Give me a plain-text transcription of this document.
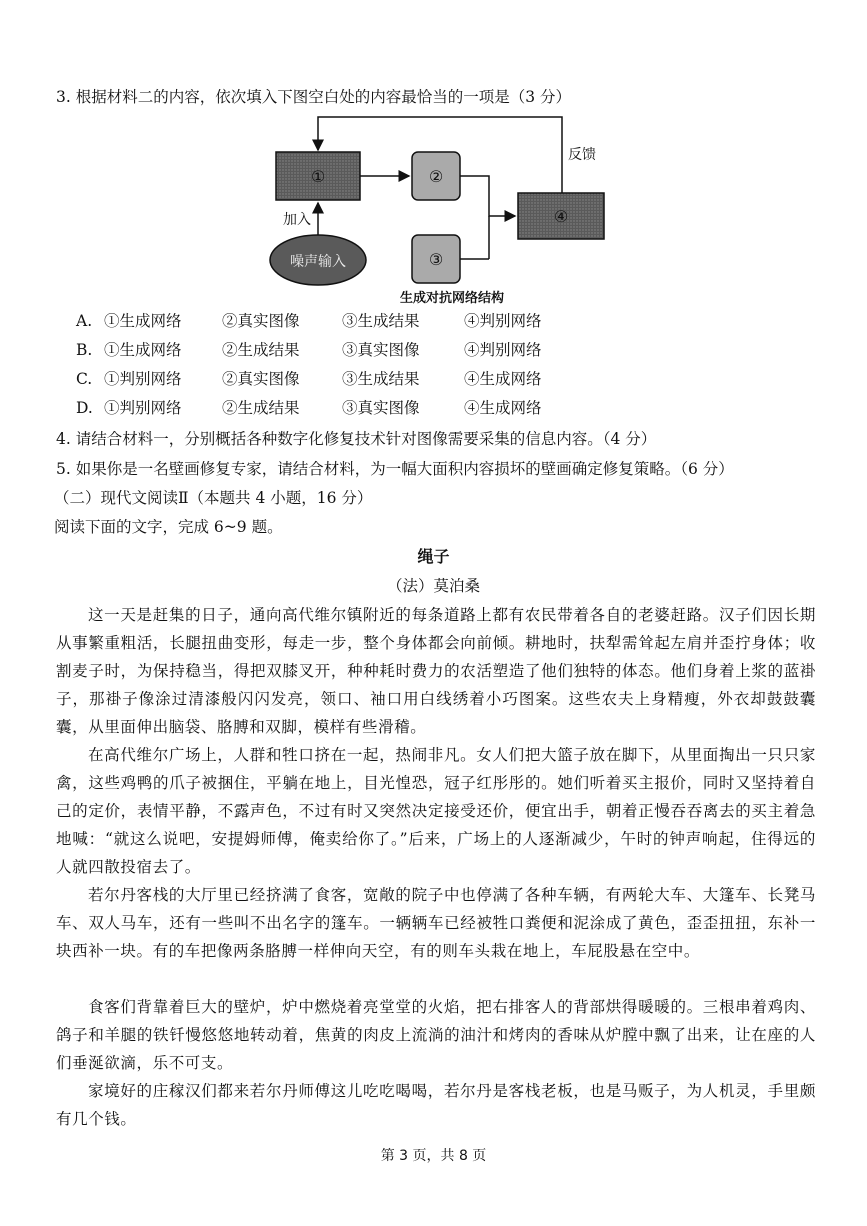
3. 根据材料二的内容，依次填入下图空白处的内容最恰当的一项是（3 分）
①	②
③
④
噪声输入
加入
反馈
生成对抗网络结构
A. ①生成网络	②真实图像	③生成结果	④判别网络
B. ①生成网络	②生成结果	③真实图像	④判别网络
C. ①判别网络	②真实图像	③生成结果	④生成网络
D. ①判别网络	②生成结果	③真实图像	④生成网络
4. 请结合材料一，分别概括各种数字化修复技术针对图像需要采集的信息内容。（4 分）
5. 如果你是一名壁画修复专家，请结合材料，为一幅大面积内容损坏的壁画确定修复策略。（6 分）
（二）现代文阅读Ⅱ（本题共 4 小题，16 分）
阅读下面的文字，完成 6~9 题。
绳子
（法）莫泊桑
这一天是赶集的日子，通向高代维尔镇附近的每条道路上都有农民带着各自的老婆赶路。汉子们因长期从事繁重粗活，长腿扭曲变形，每走一步，整个身体都会向前倾。耕地时，扶犁需耸起左肩并歪拧身体；收割麦子时，为保持稳当，得把双膝叉开，种种耗时费力的农活塑造了他们独特的体态。他们身着上浆的蓝褂子，那褂子像涂过清漆般闪闪发亮，领口、袖口用白线绣着小巧图案。这些农夫上身精瘦，外衣却鼓鼓囊囊，从里面伸出脑袋、胳膊和双脚，模样有些滑稽。
在高代维尔广场上，人群和牲口挤在一起，热闹非凡。女人们把大篮子放在脚下，从里面掏出一只只家禽，这些鸡鸭的爪子被捆住，平躺在地上，目光惶恐，冠子红彤彤的。她们听着买主报价，同时又坚持着自己的定价，表情平静，不露声色，不过有时又突然决定接受还价，便宜出手，朝着正慢吞吞离去的买主着急地喊：“就这么说吧，安提姆师傅，俺卖给你了。”后来，广场上的人逐渐减少，午时的钟声响起，住得远的人就四散投宿去了。
若尔丹客栈的大厅里已经挤满了食客，宽敞的院子中也停满了各种车辆，有两轮大车、大篷车、长凳马车、双人马车，还有一些叫不出名字的篷车。一辆辆车已经被牲口粪便和泥涂成了黄色，歪歪扭扭，东补一块西补一块。有的车把像两条胳膊一样伸向天空，有的则车头栽在地上，车屁股悬在空中。
食客们背靠着巨大的壁炉，炉中燃烧着亮堂堂的火焰，把右排客人的背部烘得暖暖的。三根串着鸡肉、鸽子和羊腿的铁钎慢悠悠地转动着，焦黄的肉皮上流淌的油汁和烤肉的香味从炉膛中飘了出来，让在座的人们垂涎欲滴，乐不可支。
家境好的庄稼汉们都来若尔丹师傅这儿吃吃喝喝，若尔丹是客栈老板，也是马贩子，为人机灵，手里颇有几个钱。
第 3 页，共 8 页
